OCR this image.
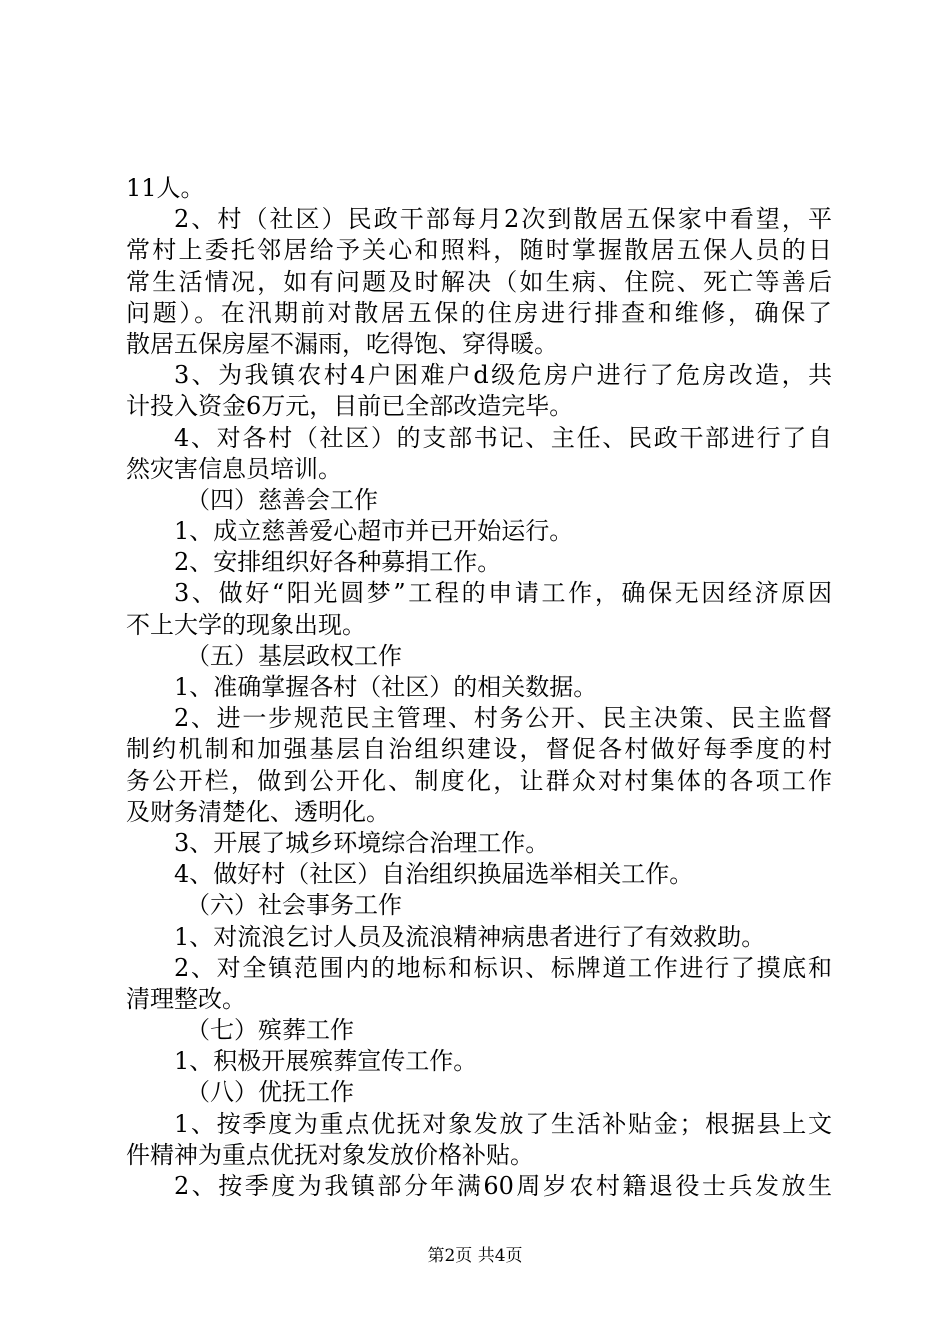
11人。

2、村（社区）民政干部每月2次到散居五保家中看望，平

常村上委托邻居给予关心和照料，随时掌握散居五保人员的日

常生活情况，如有问题及时解决（如生病、住院、死亡等善后

问题）。在汛期前对散居五保的住房进行排查和维修，确保了

散居五保房屋不漏雨，吃得饱、穿得暖。

3、为我镇农村4户困难户d级危房户进行了危房改造，共

计投入资金6万元，目前已全部改造完毕。

4、对各村（社区）的支部书记、主任、民政干部进行了自

然灾害信息员培训。

（四）慈善会工作

1、成立慈善爱心超市并已开始运行。

2、安排组织好各种募捐工作。

3、做好“阳光圆梦”工程的申请工作，确保无因经济原因

不上大学的现象出现。

（五）基层政权工作

1、准确掌握各村（社区）的相关数据。

2、进一步规范民主管理、村务公开、民主决策、民主监督

制约机制和加强基层自治组织建设，督促各村做好每季度的村

务公开栏，做到公开化、制度化，让群众对村集体的各项工作

及财务清楚化、透明化。

3、开展了城乡环境综合治理工作。

4、做好村（社区）自治组织换届选举相关工作。

（六）社会事务工作

1、对流浪乞讨人员及流浪精神病患者进行了有效救助。

2、对全镇范围内的地标和标识、标牌道工作进行了摸底和

清理整改。

（七）殡葬工作

1、积极开展殡葬宣传工作。

（八）优抚工作

1、按季度为重点优抚对象发放了生活补贴金；根据县上文

件精神为重点优抚对象发放价格补贴。

2、按季度为我镇部分年满60周岁农村籍退役士兵发放生

第2页 共4页
